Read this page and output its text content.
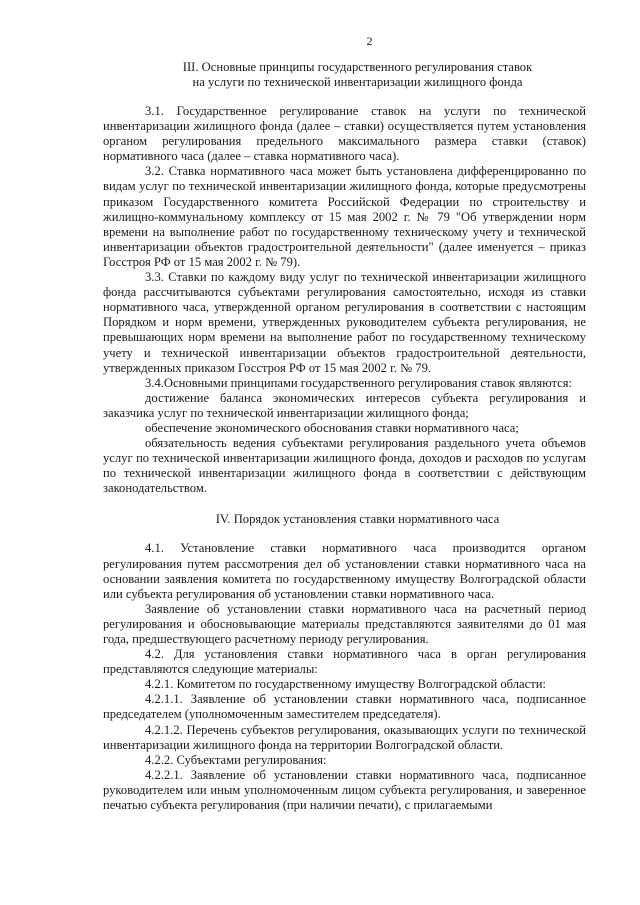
2
III. Основные принципы государственного регулирования ставок
на услуги по технической инвентаризации жилищного фонда

3.1. Государственное регулирование ставок на услуги по технической инвентаризации жилищного фонда (далее – ставки) осуществляется путем установления органом регулирования предельного максимального размера ставки (ставок) нормативного часа (далее – ставка нормативного часа).

3.2. Ставка нормативного часа может быть установлена дифференцированно по видам услуг по технической инвентаризации жилищного фонда, которые предусмотрены приказом Государственного комитета Российской Федерации по строительству и жилищно-коммунальному комплексу от 15 мая 2002 г. № 79 "Об утверждении норм времени на выполнение работ по государственному техническому учету и технической инвентаризации объектов градостроительной деятельности" (далее именуется – приказ Госстроя РФ от 15 мая 2002 г. № 79).

3.3. Ставки по каждому виду услуг по технической инвентаризации жилищного фонда рассчитываются субъектами регулирования самостоятельно, исходя из ставки нормативного часа, утвержденной органом регулирования в соответствии с настоящим Порядком и норм времени, утвержденных руководителем субъекта регулирования, не превышающих норм времени на выполнение работ по государственному техническому учету и технической инвентаризации объектов градостроительной деятельности, утвержденных приказом Госстроя РФ от 15 мая 2002 г. № 79.

3.4.Основными принципами государственного регулирования ставок являются:

достижение баланса экономических интересов субъекта регулирования и заказчика услуг по технической инвентаризации жилищного фонда;

обеспечение экономического обоснования ставки нормативного часа;

обязательность ведения субъектами регулирования раздельного учета объемов услуг по технической инвентаризации жилищного фонда, доходов и расходов по услугам по технической инвентаризации жилищного фонда в соответствии с действующим законодательством.

IV. Порядок установления ставки нормативного часа

4.1. Установление ставки нормативного часа производится органом регулирования путем рассмотрения дел об установлении ставки нормативного часа на основании заявления комитета по государственному имуществу Волгоградской области или субъекта регулирования об установлении ставки нормативного часа.

Заявление об установлении ставки нормативного часа на расчетный период регулирования и обосновывающие материалы представляются заявителями до 01 мая года, предшествующего расчетному периоду регулирования.

4.2. Для установления ставки нормативного часа в орган регулирования представляются следующие материалы:

4.2.1. Комитетом по государственному имуществу Волгоградской области:

4.2.1.1. Заявление об установлении ставки нормативного часа, подписанное председателем (уполномоченным заместителем председателя).

4.2.1.2. Перечень субъектов регулирования, оказывающих услуги по технической инвентаризации жилищного фонда на территории Волгоградской области.

4.2.2. Субъектами регулирования:

4.2.2.1. Заявление об установлении ставки нормативного часа, подписанное руководителем или иным уполномоченным лицом субъекта регулирования, и заверенное печатью субъекта регулирования (при наличии печати), с прилагаемыми
